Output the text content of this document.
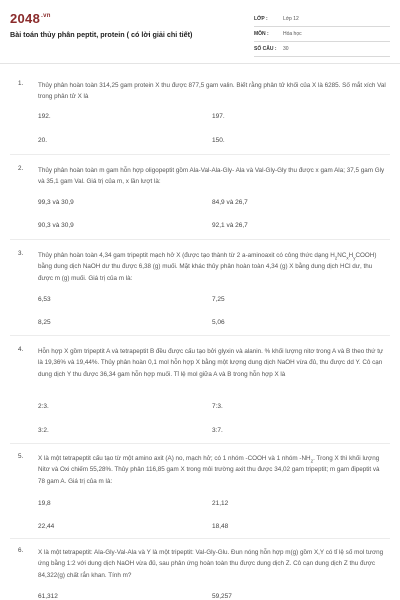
$2048^{.vn}$
Bài toán thủy phân peptit, protein ( có lời giải chi tiết)
LỚP :	Lớp 12
MÔN :	Hóa học
SỐ CÂU : 30
1. Thủy phân hoàn toàn 314,25 gam protein X thu được 877,5 gam valin. Biết rằng phân tử khối của X là 6285. Số mắt xích Val trong phân tử X là
192.	197.
20.	150.
2. Thủy phân hoàn toàn m gam hỗn hợp oligopeptit gồm Ala-Val-Ala-Gly- Ala và Val-Gly-Gly thu được x gam Ala; 37,5 gam Gly và 35,1 gam Val. Giá trị của m, x lần lượt là:
99,3 và 30,9	84,9 và 26,7
90,3 và 30,9	92,1 và 26,7
3. Thủy phân hoàn toàn 4,34 gam tripeptit mạch hở X (được tạo thành từ 2 a-aminoaxit có công thức dạng $H_2NC_xH_yCOOH$) bằng dung dịch NaOH dư thu được 6,38 (g) muối. Mặt khác thủy phân hoàn toàn 4,34 (g) X bằng dung dịch HCl dư, thu được m (g) muối. Giá trị của m là:
6,53	7,25
8,25	5,06
4. Hỗn hợp X gồm tripeptit A và tetrapeptit B đều được cấu tạo bởi glyxin và alanin. % khối lượng nitơ trong A và B theo thứ tự là 19,36% và 19,44%. Thủy phân hoàn 0,1 mol hỗn hợp X bằng một lượng dung dịch NaOH vừa đủ, thu được dd Y. Cô cạn dung dịch Y thu được 36,34 gam hỗn hợp muối. Tỉ lệ mol giữa A và B trong hỗn hợp X là
2:3.	7:3.
3:2.	3:7.
5. X là một tetrapeptit cấu tạo từ một amino axit (A) no, mạch hở; có 1 nhóm -COOH và 1 nhóm $-NH_2$. Trong X thì khối lượng Nitơ và Oxi chiếm 55,28%. Thủy phân 116,85 gam X trong môi trường axit thu được 34,02 gam tripeptit; m gam đipeptit và 78 gam A. Giá trị của m là:
19,8	21,12
22,44	18,48
6. X là một tetrapeptit: Ala-Gly-Val-Ala và Y là một tripeptit: Val-Gly-Glu. Đun nóng hỗn hợp m(g) gồm X,Y có tỉ lệ số mol tương ứng bằng 1:2 với dung dịch NaOH vừa đủ, sau phản ứng hoàn toàn thu được dung dịch Z. Cô cạn dung dịch Z thu được 84,322(g) chất rắn khan. Tính m?
61,312	59,257
